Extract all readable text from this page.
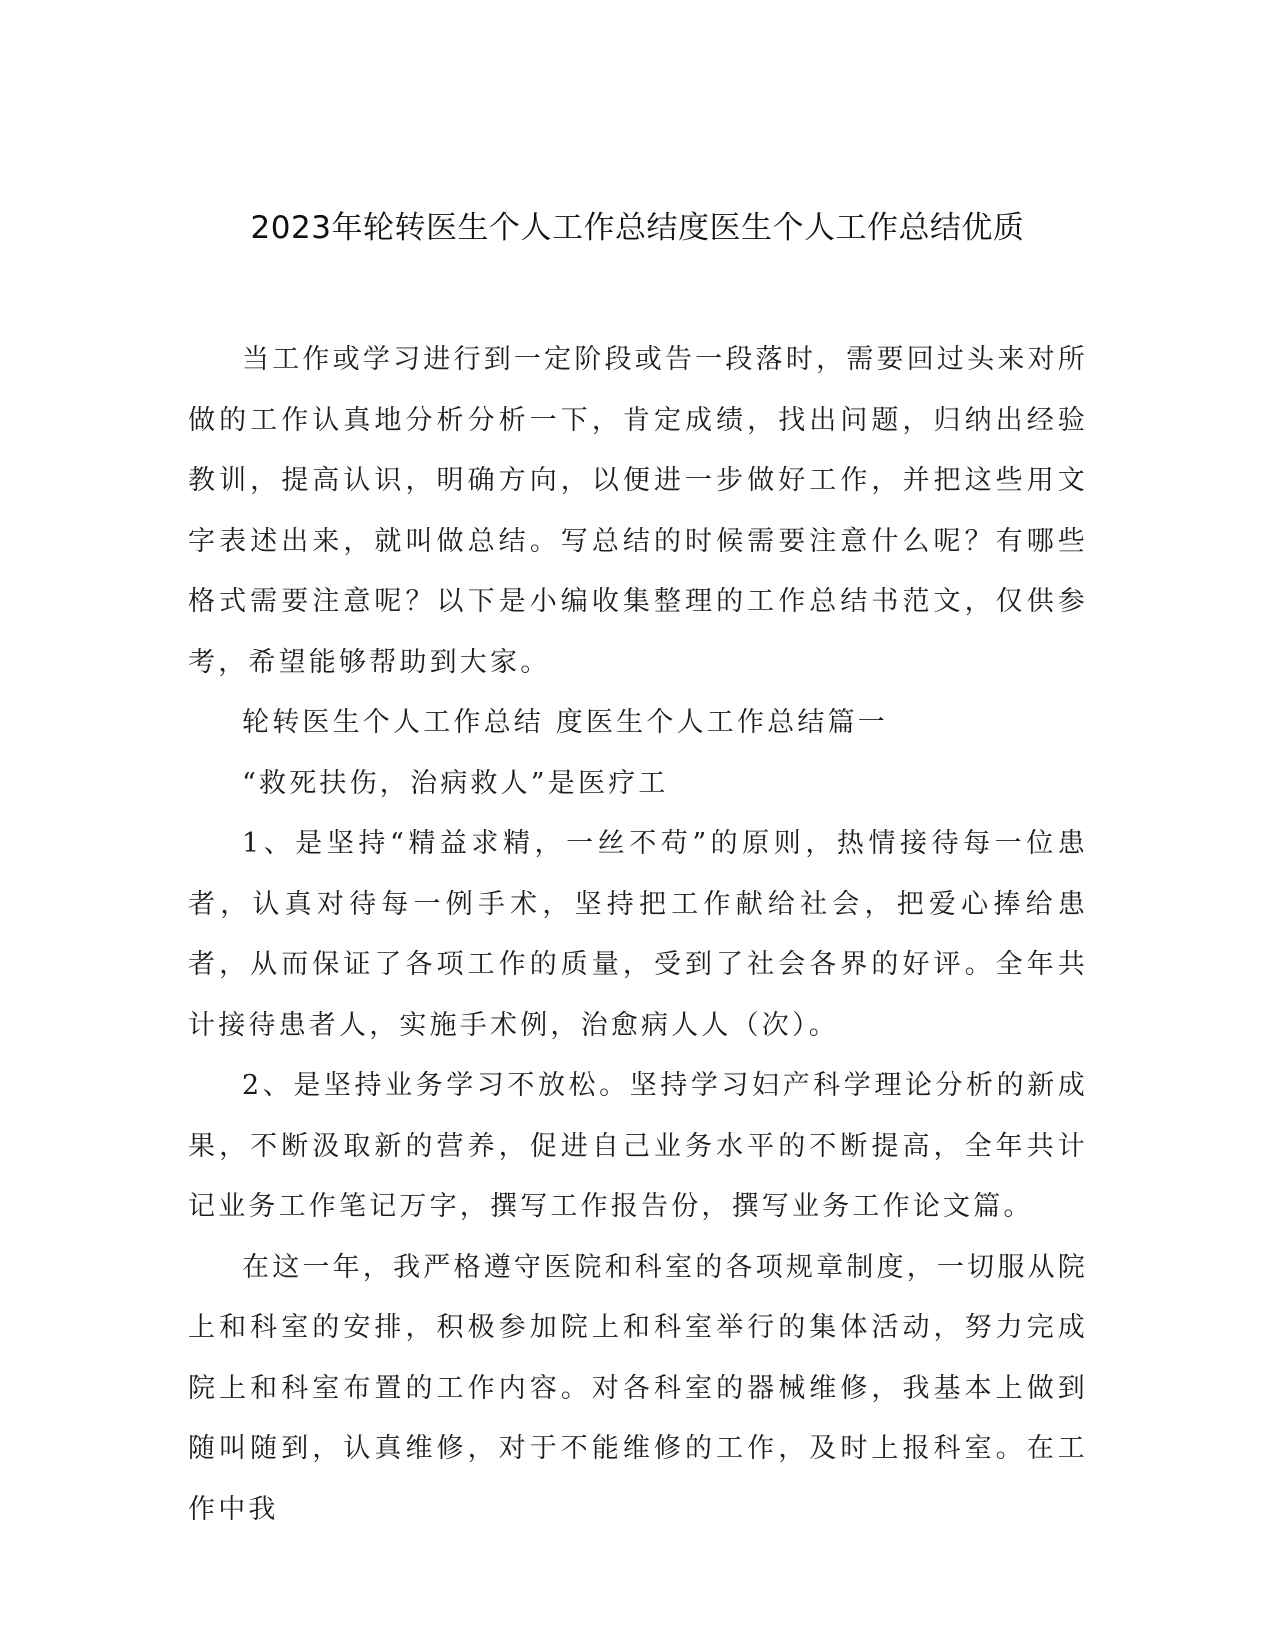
2023年轮转医生个人工作总结度医生个人工作总结优质

当工作或学习进行到一定阶段或告一段落时，需要回过头来对所做的工作认真地分析分析一下，肯定成绩，找出问题，归纳出经验教训，提高认识，明确方向，以便进一步做好工作，并把这些用文字表述出来，就叫做总结。写总结的时候需要注意什么呢？有哪些格式需要注意呢？以下是小编收集整理的工作总结书范文，仅供参考，希望能够帮助到大家。

轮转医生个人工作总结 度医生个人工作总结篇一

“救死扶伤，治病救人”是医疗工

1、是坚持“精益求精，一丝不苟”的原则，热情接待每一位患者，认真对待每一例手术，坚持把工作献给社会，把爱心捧给患者，从而保证了各项工作的质量，受到了社会各界的好评。全年共计接待患者人，实施手术例，治愈病人人（次）。

2、是坚持业务学习不放松。坚持学习妇产科学理论分析的新成果，不断汲取新的营养，促进自己业务水平的不断提高，全年共计记业务工作笔记万字，撰写工作报告份，撰写业务工作论文篇。

在这一年，我严格遵守医院和科室的各项规章制度，一切服从院上和科室的安排，积极参加院上和科室举行的集体活动，努力完成院上和科室布置的工作内容。对各科室的器械维修，我基本上做到随叫随到，认真维修，对于不能维修的工作，及时上报科室。在工作中我
